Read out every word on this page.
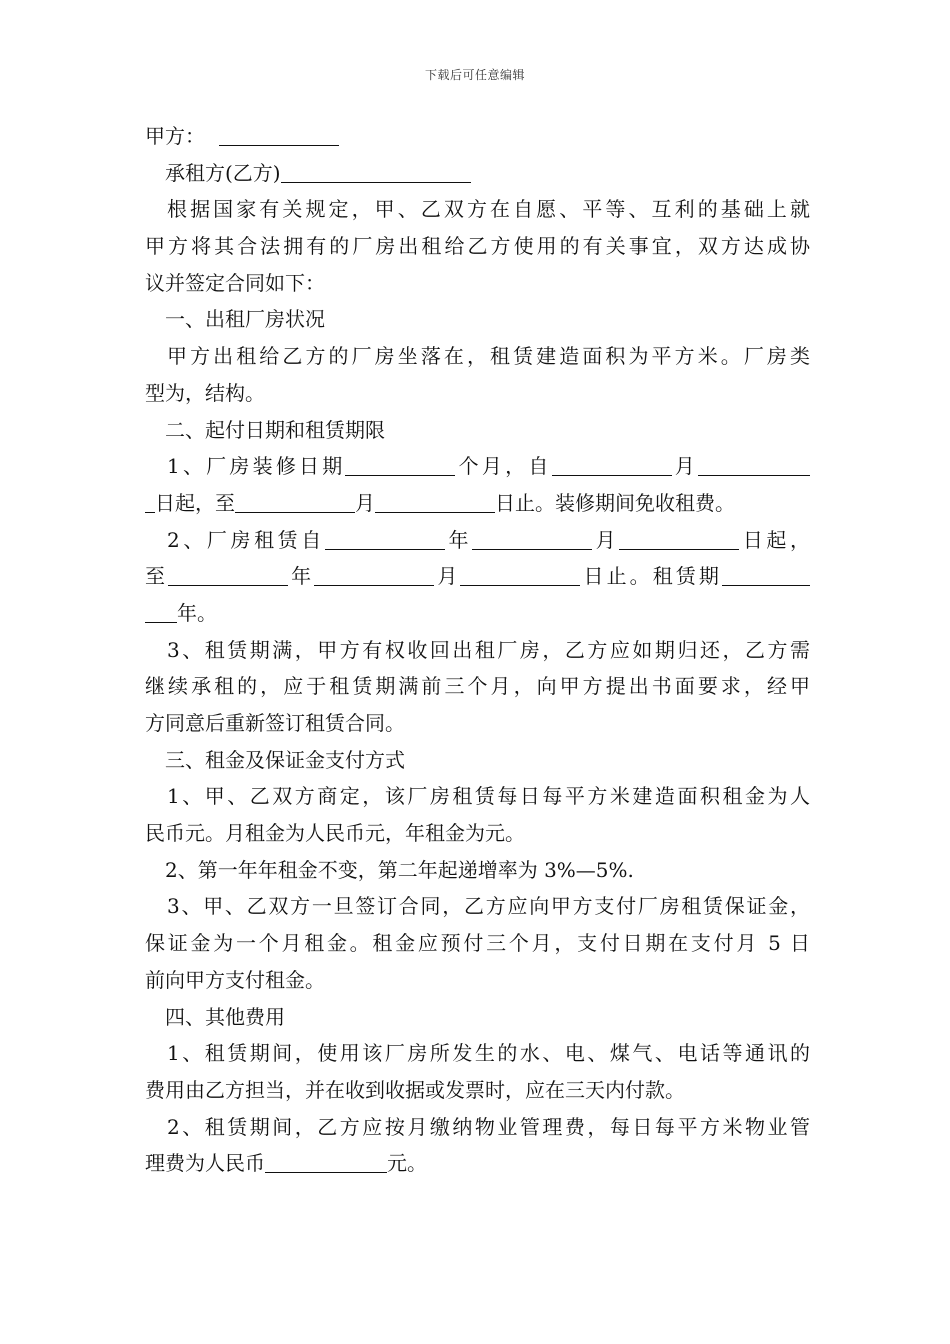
下载后可任意编辑
甲方：
承租方(乙方)
根据国家有关规定，甲、乙双方在自愿、平等、互利的基础上就
甲方将其合法拥有的厂房出租给乙方使用的有关事宜，双方达成协
议并签定合同如下：
一、出租厂房状况
甲方出租给乙方的厂房坐落在，租赁建造面积为平方米。厂房类
型为，结构。
二、起付日期和租赁期限
1、厂房装修日期	个月，自	月
日起，至	月	日止。装修期间免收租费。
2、厂房租赁自	年	月	日起，
至	年	月	日止。租赁期
年。
3、租赁期满，甲方有权收回出租厂房，乙方应如期归还，乙方需
继续承租的，应于租赁期满前三个月，向甲方提出书面要求，经甲
方同意后重新签订租赁合同。
三、租金及保证金支付方式
1、甲、乙双方商定，该厂房租赁每日每平方米建造面积租金为人
民币元。月租金为人民币元，年租金为元。
2、第一年年租金不变，第二年起递增率为 3%—5%.
3、甲、乙双方一旦签订合同，乙方应向甲方支付厂房租赁保证金，
保证金为一个月租金。租金应预付三个月，支付日期在支付月 5 日
前向甲方支付租金。
四、其他费用
1、租赁期间，使用该厂房所发生的水、电、煤气、电话等通讯的
费用由乙方担当，并在收到收据或发票时，应在三天内付款。
2、租赁期间，乙方应按月缴纳物业管理费，每日每平方米物业管
理费为人民币	元。
